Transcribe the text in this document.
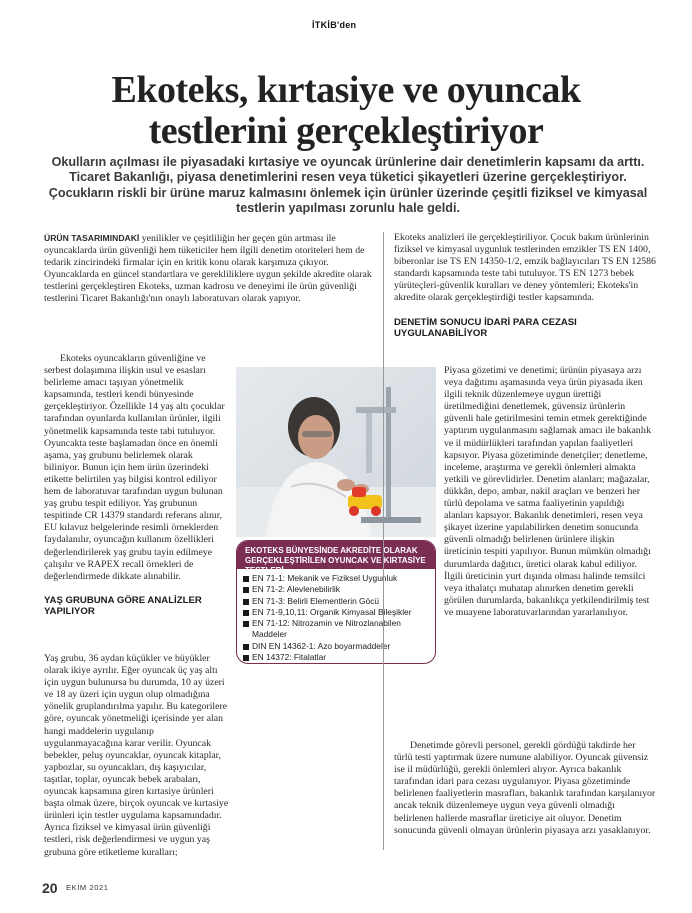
İTKİB'den
Ekoteks, kırtasiye ve oyuncak testlerini gerçekleştiriyor

Okulların açılması ile piyasadaki kırtasiye ve oyuncak ürünlerine dair denetimlerin kapsamı da arttı. Ticaret Bakanlığı, piyasa denetimlerini resen veya tüketici şikayetleri üzerine gerçekleştiriyor. Çocukların riskli bir ürüne maruz kalmasını önlemek için ürünler üzerinde çeşitli fiziksel ve kimyasal testlerin yapılması zorunlu hale geldi.

ÜRÜN TASARIMINDAKİ yenilikler ve çeşitliliğin her geçen gün artması ile oyuncaklarda ürün güvenliği hem tüketiciler hem ilgili denetim otoriteleri hem de tedarik zincirindeki firmalar için en kritik konu olarak karşımıza çıkıyor. Oyuncaklarda en güncel standartlara ve gerekliliklere uygun şekilde akredite olarak testlerini gerçekleştiren Ekoteks, uzman kadrosu ve deneyimi ile ürün güvenliği testlerini Ticaret Bakanlığı'nın onaylı laboratuvarı olarak yapıyor.

Ekoteks oyuncakların güvenliğine ve serbest dolaşımına ilişkin usul ve esasları belirleme amacı taşıyan yönetmelik kapsamında, testleri kendi bünyesinde gerçekleştiriyor. Özellikle 14 yaş altı çocuklar tarafından oyunlarda kullanılan ürünler, ilgili yönetmelik kapsamında teste tabi tutuluyor. Oyuncakta teste başlamadan önce en önemli aşama, yaş grubunu belirlemek olarak biliniyor. Bunun için hem ürün üzerindeki etikette belirtilen yaş bilgisi kontrol ediliyor hem de laboratuvar tarafından uygun bulunan yaş grubu tespit ediliyor. Yaş grubunun tespitinde CR 14379 standardı referans alınır, EU kılavuz belgelerinde resimli örneklerden faydalanılır, oyuncağın kullanım özellikleri değerlendirilerek yaş grubu tayin edilmeye çalışılır ve RAPEX recall örnekleri de değerlendirmede dikkate alınabilir.

YAŞ GRUBUNA GÖRE ANALİZLER YAPILIYOR

Yaş grubu, 36 aydan küçükler ve büyükler olarak ikiye ayrılır. Eğer oyuncak üç yaş altı için uygun bulunursa bu durumda, 10 ay üzeri ve 18 ay üzeri için uygun olup olmadığına yönelik gruplandırılma yapılır. Bu kategorilere göre, oyuncak yönetmeliği içerisinde yer alan hangi maddelerin uygulanıp uygulanmayacağına karar verilir. Oyuncak bebekler, peluş oyuncaklar, oyuncak kitaplar, yapbozlar, su oyuncakları, dış kaşıyıcılar, taşıtlar, toplar, oyuncak bebek arabaları, oyuncak kapsamına giren kırtasiye ürünleri başta olmak üzere, birçok oyuncak ve kırtasiye ürünleri için testler uygulama kapsamındadır. Ayrıca fiziksel ve kimyasal ürün güvenliği testleri, risk değerlendirmesi ve uygun yaş grubuna göre etiketleme kuralları;

EKOTEKS BÜNYESİNDE AKREDİTE OLARAK GERÇEKLEŞTİRİLEN OYUNCAK VE KIRTASİYE TESTLERİ
EN 71-1: Mekanik ve Fiziksel Uygunluk
EN 71-2: Alevlenebilirlik
EN 71-3: Belirli Elementlerin Göcü
EN 71-9,10,11: Organik Kimyasal Bileşikler
EN 71-12: Nitrozamin ve Nitrozlanabilen Maddeler
DIN EN 14362-1: Azo boyarmaddeler
EN 14372: Fitalatlar

Ekoteks analizleri ile gerçekleştiriliyor. Çocuk bakım ürünlerinin fiziksel ve kimyasal uygunluk testlerinden emzikler TS EN 1400, biberonlar ise TS EN 14350-1/2, emzik bağlayıcıları TS EN 12586 standardı kapsamında teste tabi tutuluyor. TS EN 1273 bebek yürüteçleri-güvenlik kuralları ve deney yöntemleri; Ekoteks'in akredite olarak gerçekleştirdiği testler kapsamında.

DENETİM SONUCU İDARİ PARA CEZASI UYGULANABİLİYOR

Piyasa gözetimi ve denetimi; ürünün piyasaya arzı veya dağıtımı aşamasında veya ürün piyasada iken ilgili teknik düzenlemeye uygun ürettiği üretilmediğini denetlemek, güvensiz ürünlerin güvenli hale getirilmesini temin etmek gerektiğinde yaptırım uygulanmasını sağlamak amacı ile bakanlık ve il müdürlükleri tarafından yapılan faaliyetleri kapsıyor. Piyasa gözetiminde denetçiler; denetleme, inceleme, araştırma ve gerekli önlemleri almakta yetkili ve görevlidirler. Denetim alanları; mağazalar, dükkân, depo, ambar, nakil araçları ve benzeri her türlü depolama ve satma faaliyetinin yapıldığı alanları kapsıyor. Bakanlık denetimleri, resen veya şikayet üzerine yapılabilirken denetim sonucunda güvenli olmadığı belirlenen ürünlere ilişkin üreticinin tespiti yapılıyor. Bunun mümkün olmadığı durumlarda dağıtıcı, üretici olarak kabul ediliyor. İlgili üreticinin yurt dışında olması halinde temsilci veya ithalatçı muhatap alınırken denetim gerekli görülen durumlarda, bakanlıkça yetkilendirilmiş test ve muayene laboratuvarlarından yararlanılıyor.

Denetimde görevli personel, gerekli gördüğü takdirde her türlü testi yaptırmak üzere numune alabiliyor. Oyuncak güvensiz ise il müdürlüğü, gerekli önlemleri alıyor. Ayrıca bakanlık tarafından idari para cezası uygulanıyor. Piyasa gözetiminde belirlenen faaliyetlerin masrafları, bakanlık tarafından karşılanıyor ancak teknik düzenlemeye uygun veya güvenli olmadığı belirlenen hallerde masraflar üreticiye ait oluyor. Denetim sonucunda güvenli olmayan ürünlerin piyasaya arzı yasaklanıyor.

20 EKİM 2021
